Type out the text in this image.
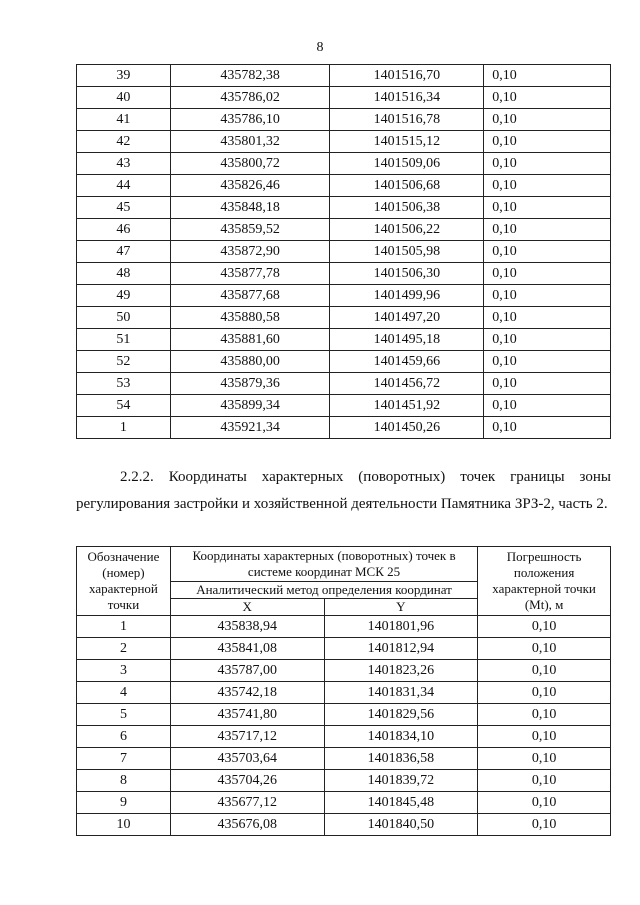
8
39	435782,38	1401516,70	0,10
40	435786,02	1401516,34	0,10
41	435786,10	1401516,78	0,10
42	435801,32	1401515,12	0,10
43	435800,72	1401509,06	0,10
44	435826,46	1401506,68	0,10
45	435848,18	1401506,38	0,10
46	435859,52	1401506,22	0,10
47	435872,90	1401505,98	0,10
48	435877,78	1401506,30	0,10
49	435877,68	1401499,96	0,10
50	435880,58	1401497,20	0,10
51	435881,60	1401495,18	0,10
52	435880,00	1401459,66	0,10
53	435879,36	1401456,72	0,10
54	435899,34	1401451,92	0,10
1	435921,34	1401450,26	0,10
2.2.2. Координаты характерных (поворотных) точек границы зоны регулирования застройки и хозяйственной деятельности Памятника ЗРЗ-2, часть 2.
Обозначение (номер) характерной точки	Координаты характерных (поворотных) точек в системе координат МСК 25		Погрешность положения характерной точки (Mt), м
	Аналитический метод определения координат		
	X	Y	
1	435838,94	1401801,96	0,10
2	435841,08	1401812,94	0,10
3	435787,00	1401823,26	0,10
4	435742,18	1401831,34	0,10
5	435741,80	1401829,56	0,10
6	435717,12	1401834,10	0,10
7	435703,64	1401836,58	0,10
8	435704,26	1401839,72	0,10
9	435677,12	1401845,48	0,10
10	435676,08	1401840,50	0,10
